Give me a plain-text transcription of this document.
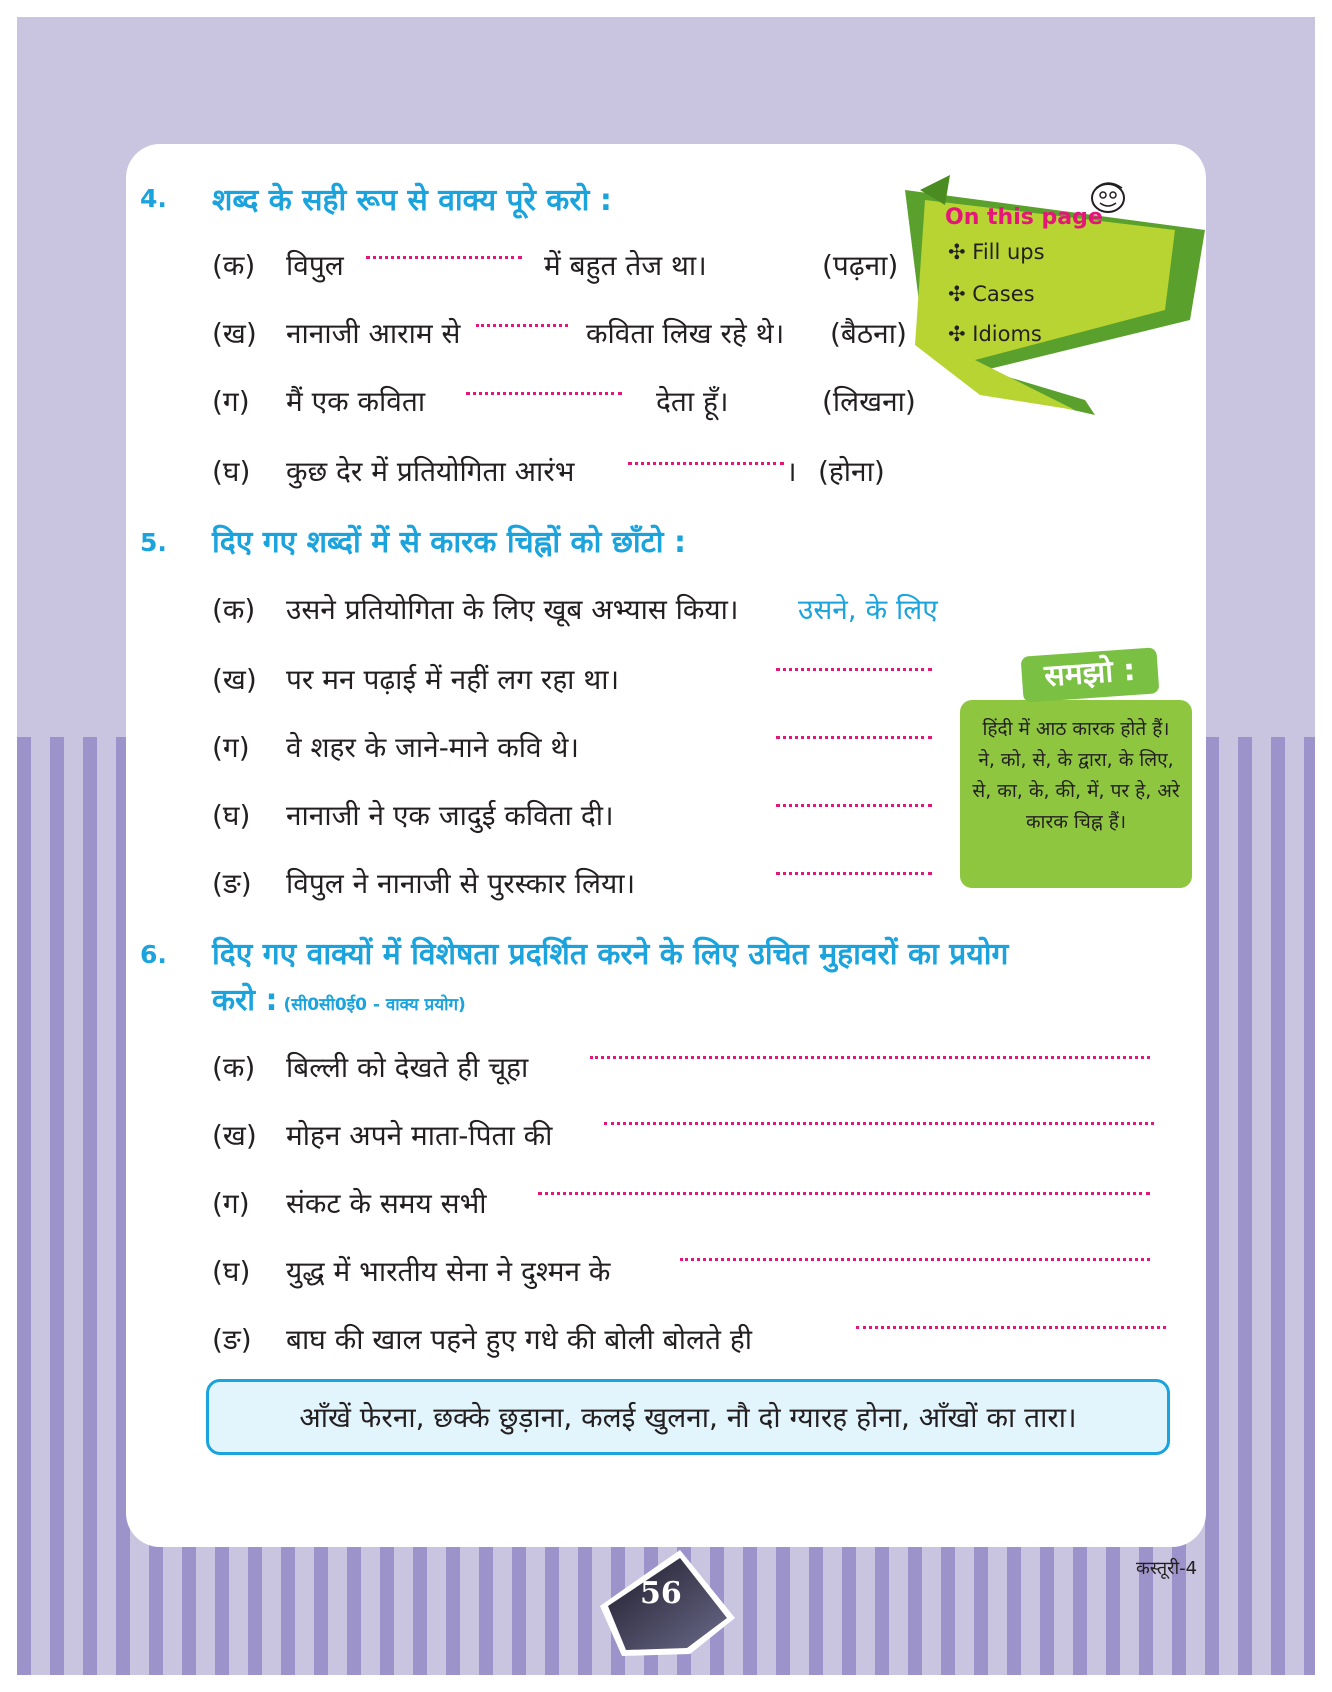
On this page
✣ Fill ups
✣ Cases
✣ Idioms
4. शब्द के सही रूप से वाक्य पूरे करो :
(क) विपुल	में बहुत तेज था।	(पढ़ना)
(ख) नानाजी आराम से	कविता लिख रहे थे। (बैठना)
(ग) मैं एक कविता	देता हूँ।	(लिखना)
(घ) कुछ देर में प्रतियोगिता आरंभ	। (होना)
5. दिए गए शब्दों में से कारक चिह्नों को छाँटो :
(क) उसने प्रतियोगिता के लिए खूब अभ्यास किया। उसने, के लिए
(ख) पर मन पढ़ाई में नहीं लग रहा था।
(ग) वे शहर के जाने-माने कवि थे।
(घ) नानाजी ने एक जादुई कविता दी।
(ङ) विपुल ने नानाजी से पुरस्कार लिया।
समझो :
हिंदी में आठ कारक होते हैं। ने, को, से, के द्वारा, के लिए, से, का, के, की, में, पर हे, अरे कारक चिह्न हैं।
6. दिए गए वाक्यों में विशेषता प्रदर्शित करने के लिए उचित मुहावरों का प्रयोग
करो : (सी0सी0ई0 - वाक्य प्रयोग)
(क) बिल्ली को देखते ही चूहा
(ख) मोहन अपने माता-पिता की
(ग) संकट के समय सभी
(घ) युद्ध में भारतीय सेना ने दुश्मन के
(ङ) बाघ की खाल पहने हुए गधे की बोली बोलते ही
आँखें फेरना, छक्के छुड़ाना, कलई खुलना, नौ दो ग्यारह होना, आँखों का तारा।
कस्तूरी-4
56
